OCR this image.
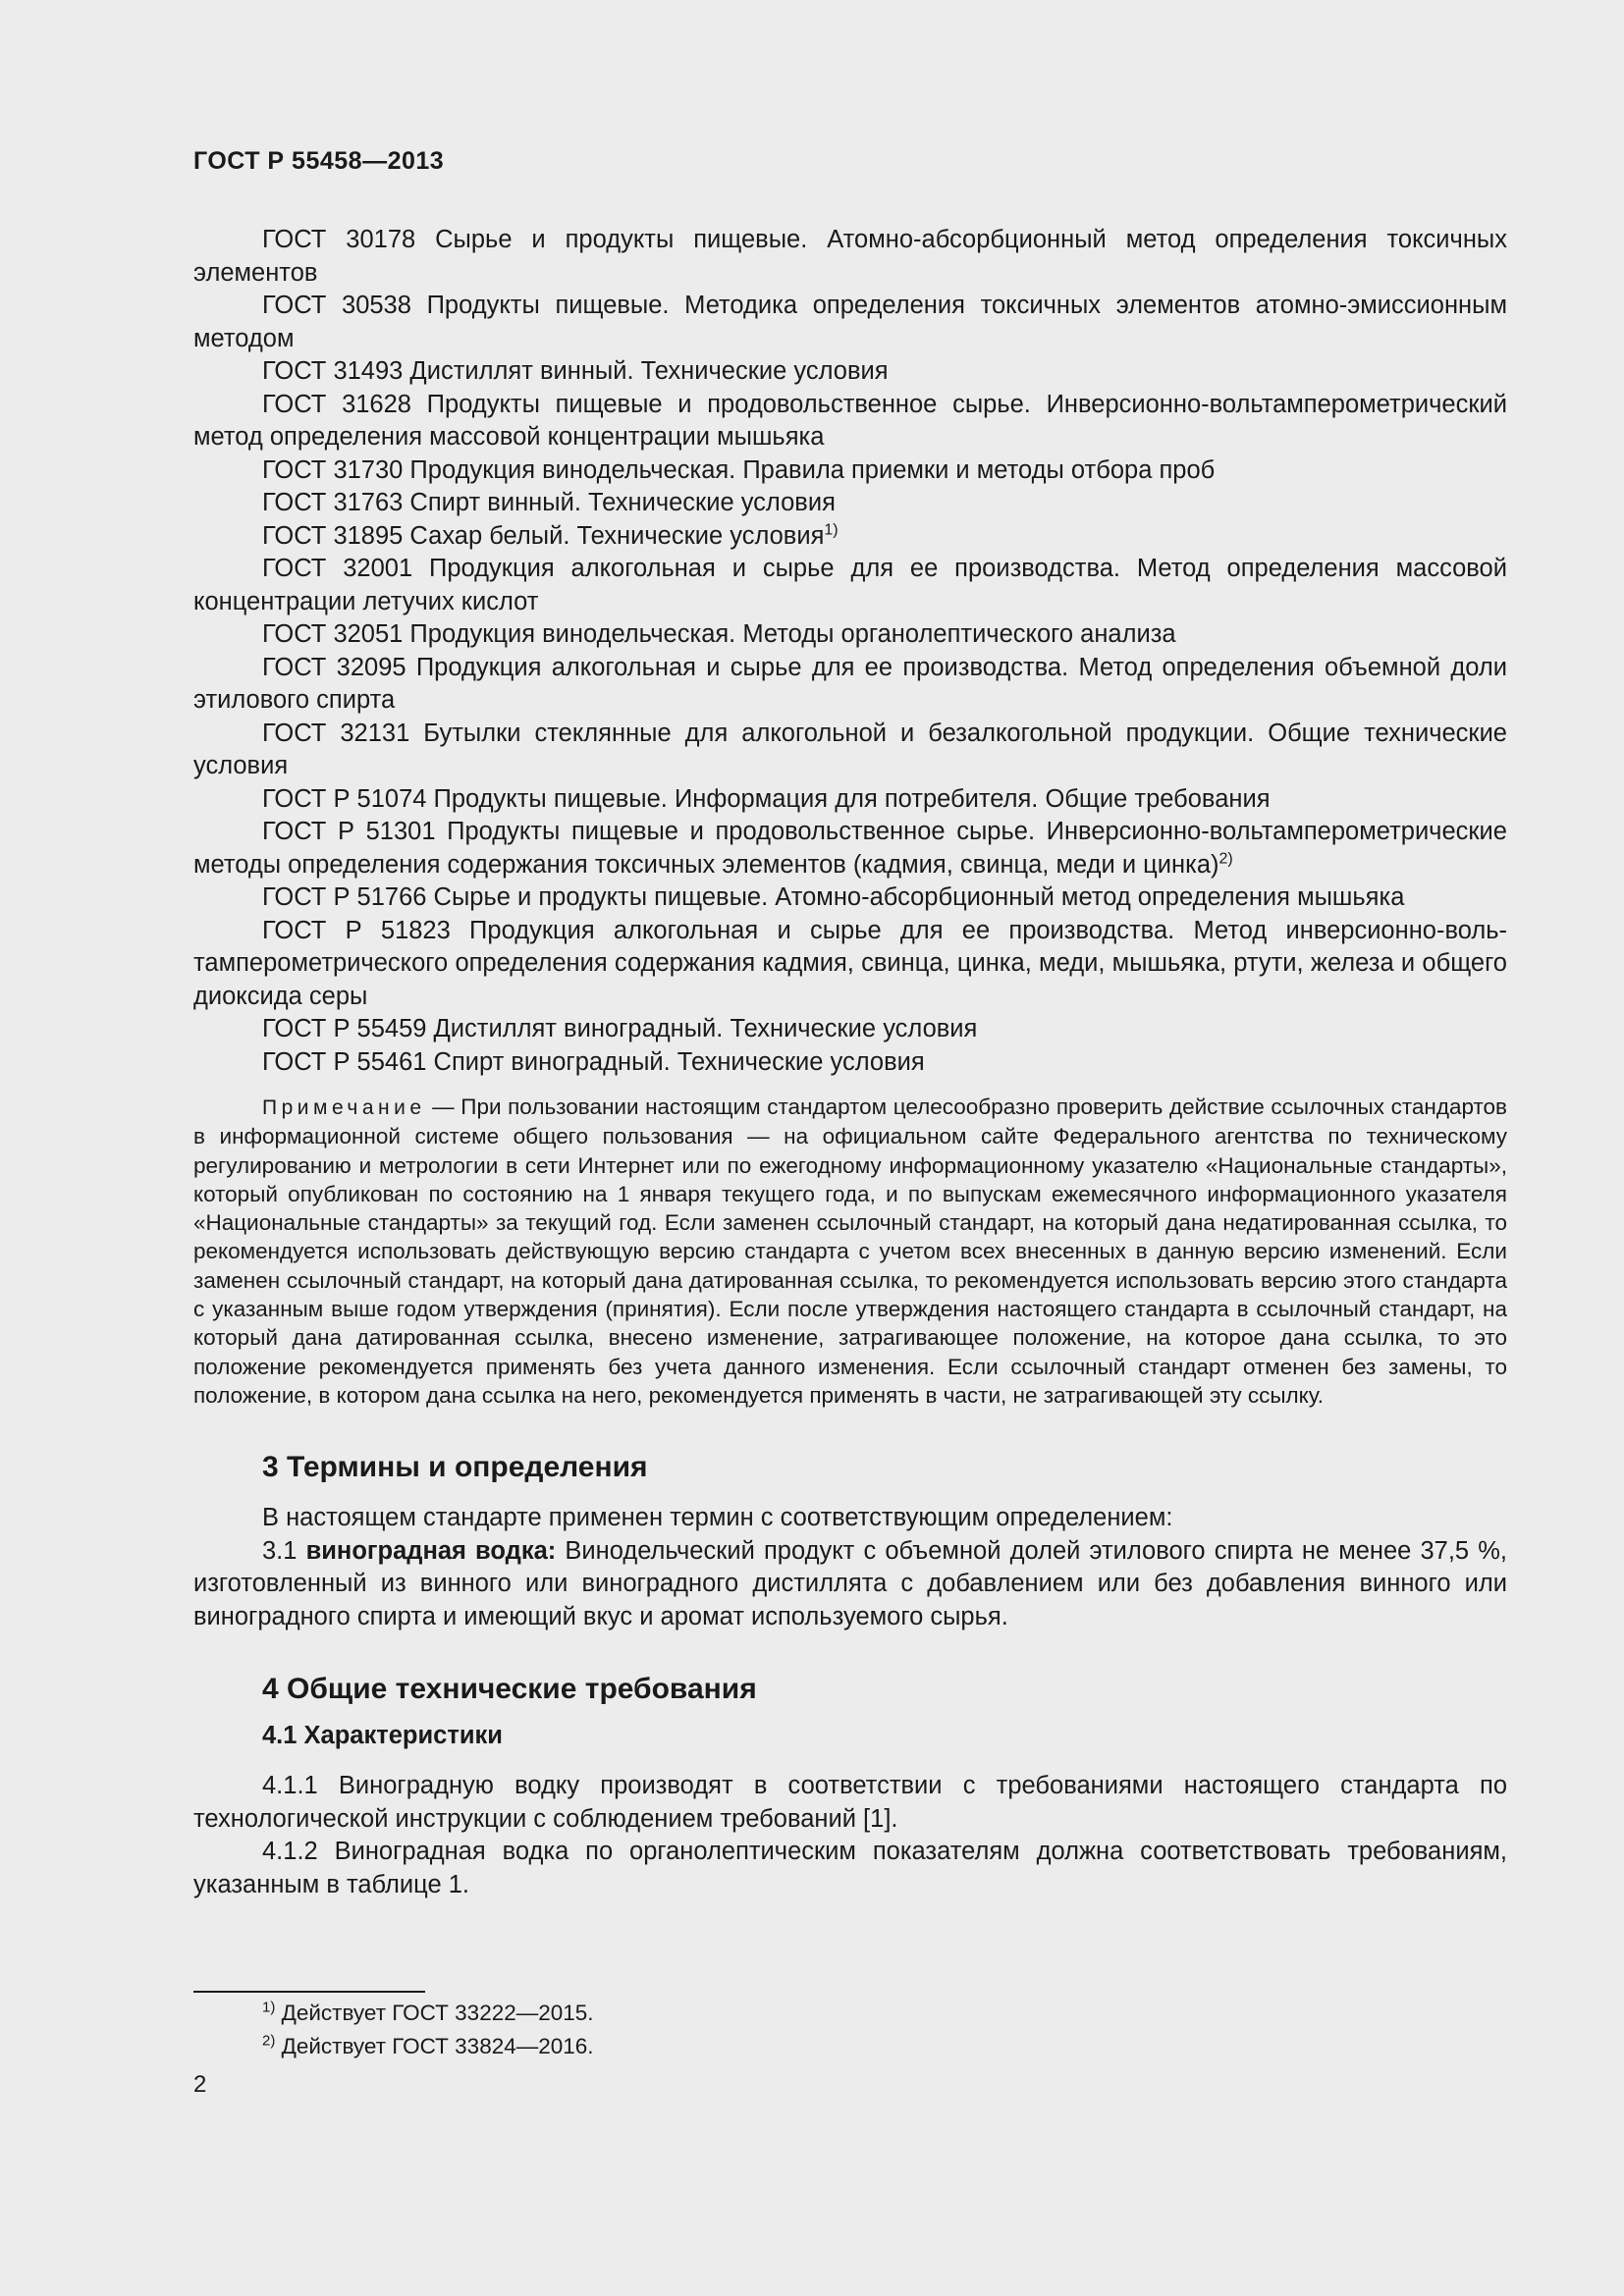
ГОСТ Р 55458—2013

ГОСТ 30178 Сырье и продукты пищевые. Атомно-абсорбционный метод определения токсичных элементов

ГОСТ 30538 Продукты пищевые. Методика определения токсичных элементов атомно-эмиссионным методом

ГОСТ 31493 Дистиллят винный. Технические условия

ГОСТ 31628 Продукты пищевые и продовольственное сырье. Инверсионно-вольтамперометрический метод определения массовой концентрации мышьяка

ГОСТ 31730 Продукция винодельческая. Правила приемки и методы отбора проб

ГОСТ 31763 Спирт винный. Технические условия

ГОСТ 31895 Сахар белый. Технические условия$^{1)}$

ГОСТ 32001 Продукция алкогольная и сырье для ее производства. Метод определения массовой концентрации летучих кислот

ГОСТ 32051 Продукция винодельческая. Методы органолептического анализа

ГОСТ 32095 Продукция алкогольная и сырье для ее производства. Метод определения объемной доли этилового спирта

ГОСТ 32131 Бутылки стеклянные для алкогольной и безалкогольной продукции. Общие технические условия

ГОСТ Р 51074 Продукты пищевые. Информация для потребителя. Общие требования

ГОСТ Р 51301 Продукты пищевые и продовольственное сырье. Инверсионно-вольтамперометрические методы определения содержания токсичных элементов (кадмия, свинца, меди и цинка)$^{2)}$

ГОСТ Р 51766 Сырье и продукты пищевые. Атомно-абсорбционный метод определения мышьяка

ГОСТ Р 51823 Продукция алкогольная и сырье для ее производства. Метод инверсионно-вольтамперометрического определения содержания кадмия, свинца, цинка, меди, мышьяка, ртути, железа и общего диоксида серы

ГОСТ Р 55459 Дистиллят виноградный. Технические условия

ГОСТ Р 55461 Спирт виноградный. Технические условия

Примечание — При пользовании настоящим стандартом целесообразно проверить действие ссылочных стандартов в информационной системе общего пользования — на официальном сайте Федерального агентства по техническому регулированию и метрологии в сети Интернет или по ежегодному информационному указателю «Национальные стандарты», который опубликован по состоянию на 1 января текущего года, и по выпускам ежемесячного информационного указателя «Национальные стандарты» за текущий год. Если заменен ссылочный стандарт, на который дана недатированная ссылка, то рекомендуется использовать действующую версию стандарта с учетом всех внесенных в данную версию изменений. Если заменен ссылочный стандарт, на который дана датированная ссылка, то рекомендуется использовать версию этого стандарта с указанным выше годом утверждения (принятия). Если после утверждения настоящего стандарта в ссылочный стандарт, на который дана датированная ссылка, внесено изменение, затрагивающее положение, на которое дана ссылка, то это положение рекомендуется применять без учета данного изменения. Если ссылочный стандарт отменен без замены, то положение, в котором дана ссылка на него, рекомендуется применять в части, не затрагивающей эту ссылку.

3 Термины и определения

В настоящем стандарте применен термин с соответствующим определением:

3.1 виноградная водка: Винодельческий продукт с объемной долей этилового спирта не менее 37,5 %, изготовленный из винного или виноградного дистиллята с добавлением или без добавления винного или виноградного спирта и имеющий вкус и аромат используемого сырья.

4 Общие технические требования
4.1 Характеристики

4.1.1 Виноградную водку производят в соответствии с требованиями настоящего стандарта по технологической инструкции с соблюдением требований [1].

4.1.2 Виноградная водка по органолептическим показателям должна соответствовать требованиям, указанным в таблице 1.

$^{1)}$ Действует ГОСТ 33222—2015.
$^{2)}$ Действует ГОСТ 33824—2016.
2
